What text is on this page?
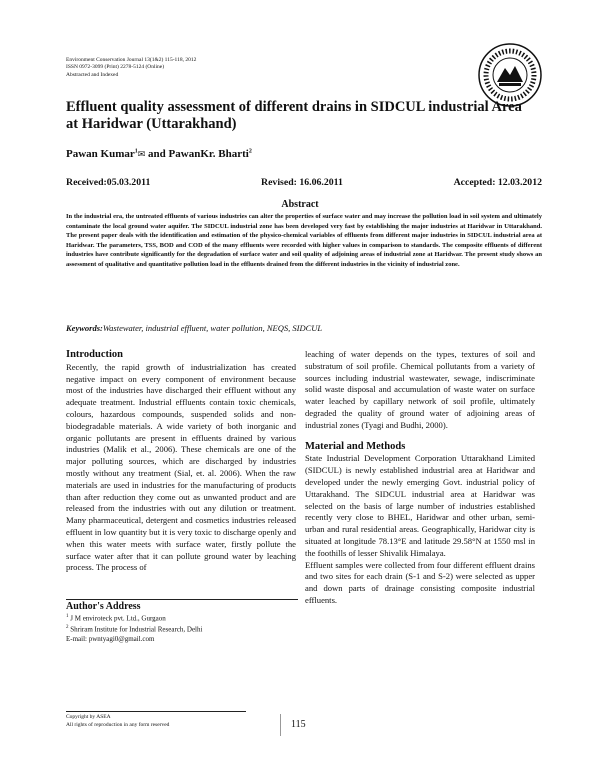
Environment Conservation Journal 13(1&2) 115-118, 2012
ISSN 0972-3099 (Print) 2278-5124 (Online)
Abstracted and Indexed
Effluent quality assessment of different drains in SIDCUL industrial Area at Haridwar (Uttarakhand)
Pawan Kumar$^1$✉ and PawanKr. Bharti$^2$
Received:05.03.2011	Revised: 16.06.2011	Accepted: 12.03.2012
Abstract
In the industrial era, the untreated effluents of various industries can alter the properties of surface water and may increase the pollution load in soil system and ultimately contaminate the local ground water aquifer. The SIDCUL industrial zone has been developed very fast by establishing the major industries at Haridwar in Uttarakhand. The present paper deals with the identification and estimation of the physico-chemical variables of effluents from different major industries in SIDCUL industrial area at Haridwar. The parameters, TSS, BOD and COD of the many effluents were recorded with higher values in comparison to standards. The composite effluents of different industries have contribute significantly for the degradation of surface water and soil quality of adjoining areas of industrial zone at Haridwar. The present study shows an assessment of qualitative and quantitative pollution load in the effluents drained from the different industries in the vicinity of industrial zone.
Keywords:Wastewater, industrial effluent, water pollution, NEQS, SIDCUL
Introduction

Recently, the rapid growth of industrialization has created negative impact on every component of environment because most of the industries have discharged their effluent without any adequate treatment. Industrial effluents contain toxic chemicals, colours, hazardous compounds, suspended solids and non-biodegradable materials. A wide variety of both inorganic and organic pollutants are present in effluents drained by various industries (Malik et al., 2006). These chemicals are one of the major polluting sources, which are discharged by industries mostly without any treatment (Sial, et. al. 2006). When the raw materials are used in industries for the manufacturing of products than after reduction they come out as unwanted product and are released from the industries with out any dilution or treatment. Many pharmaceutical, detergent and cosmetics industries released effluent in low quantity but it is very toxic to discharge openly and when this water meets with surface water, firstly pollute the surface water after that it can pollute ground water by leaching process. The process of

leaching of water depends on the types, textures of soil and substratum of soil profile. Chemical pollutants from a variety of sources including industrial wastewater, sewage, indiscriminate solid waste disposal and accumulation of waste water on surface water leached by capillary network of soil profile, ultimately degraded the quality of ground water of adjoining areas of industrial zones (Tyagi and Budhi, 2000).

Material and Methods

State Industrial Development Corporation Uttarakhand Limited (SIDCUL) is newly established industrial area at Haridwar and developed under the newly emerging Govt. industrial policy of Uttarakhand. The SIDCUL industrial area at Haridwar was selected on the basis of large number of industries established recently very close to BHEL, Haridwar and other urban, semi-urban and rural residential areas. Geographically, Haridwar city is situated at longitude 78.13°E and latitude 29.58°N at 1550 msl in the foothills of lesser Shivalik Himalaya.

Effluent samples were collected from four different effluent drains and two sites for each drain (S-1 and S-2) were selected as upper and down parts of drainage consisting composite industrial effluents.

Author's Address
$^1$ J M enviroteck pvt. Ltd., Gurgaon
$^2$ Shriram Institute for Industrial Research, Delhi
E-mail: pwntyagi0@gmail.com
Copyright by ASEA
All rights of reproduction in any form reserved	115
